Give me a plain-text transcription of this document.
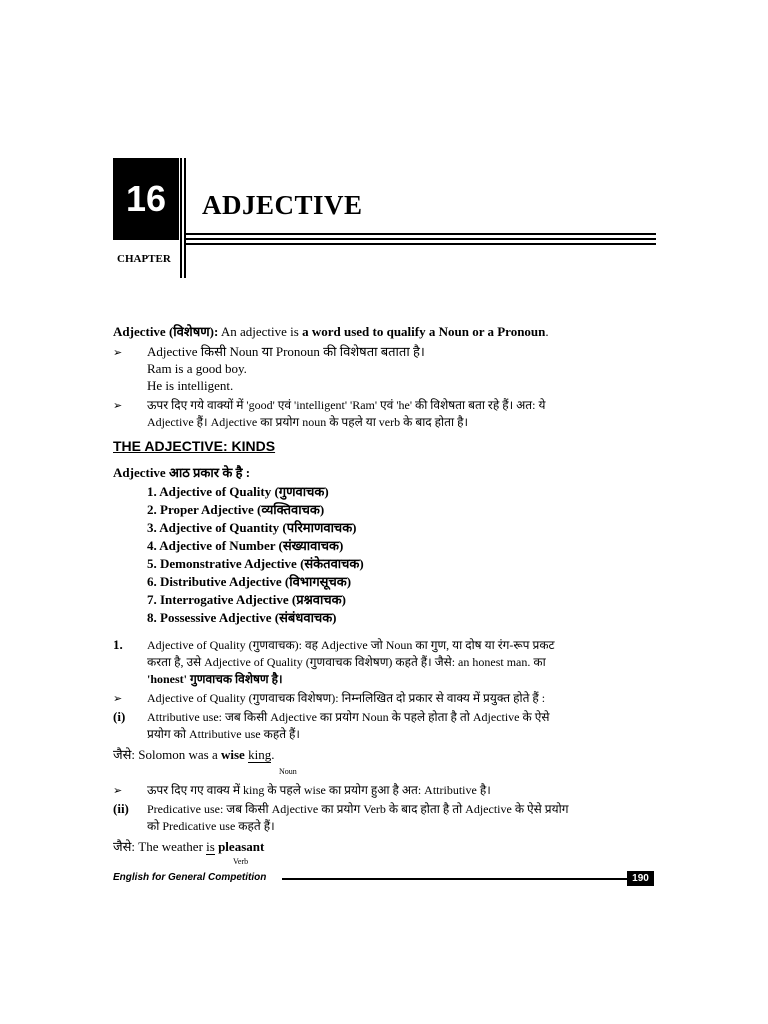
16	ADJECTIVE
CHAPTER
Adjective (विशेषण): An adjective is a word used to qualify a Noun or a Pronoun.
➢ Adjective किसी Noun या Pronoun की विशेषता बताता है।
Ram is a good boy.
He is intelligent.
➢ ऊपर दिए गये वाक्यों में 'good' एवं 'intelligent' 'Ram' एवं 'he' की विशेषता बता रहे हैं। अत: ये
Adjective हैं। Adjective का प्रयोग noun के पहले या verb के बाद होता है।
THE ADJECTIVE: KINDS
Adjective आठ प्रकार के है :
1. Adjective of Quality (गुणवाचक)
2. Proper Adjective (व्यक्तिवाचक)
3. Adjective of Quantity (परिमाणवाचक)
4. Adjective of Number (संख्यावाचक)
5. Demonstrative Adjective (संकेतवाचक)
6. Distributive Adjective (विभागसूचक)
7. Interrogative Adjective (प्रश्नवाचक)
8. Possessive Adjective (संबंधवाचक)
1. Adjective of Quality (गुणवाचक): वह Adjective जो Noun का गुण, या दोष या रंग-रूप प्रकट
करता है, उसे Adjective of Quality (गुणवाचक विशेषण) कहते हैं। जैसे: an honest man. का
'honest' गुणवाचक विशेषण है।
➢ Adjective of Quality (गुणवाचक विशेषण): निम्नलिखित दो प्रकार से वाक्य में प्रयुक्त होते हैं :
(i) Attributive use: जब किसी Adjective का प्रयोग Noun के पहले होता है तो Adjective के ऐसे
प्रयोग को Attributive use कहते हैं।
जैसे: Solomon was a wise king.
Noun
➢ ऊपर दिए गए वाक्य में king के पहले wise का प्रयोग हुआ है अत: Attributive है।
(ii) Predicative use: जब किसी Adjective का प्रयोग Verb के बाद होता है तो Adjective के ऐसे प्रयोग
को Predicative use कहते हैं।
जैसे: The weather is pleasant
Verb
English for General Competition	190
